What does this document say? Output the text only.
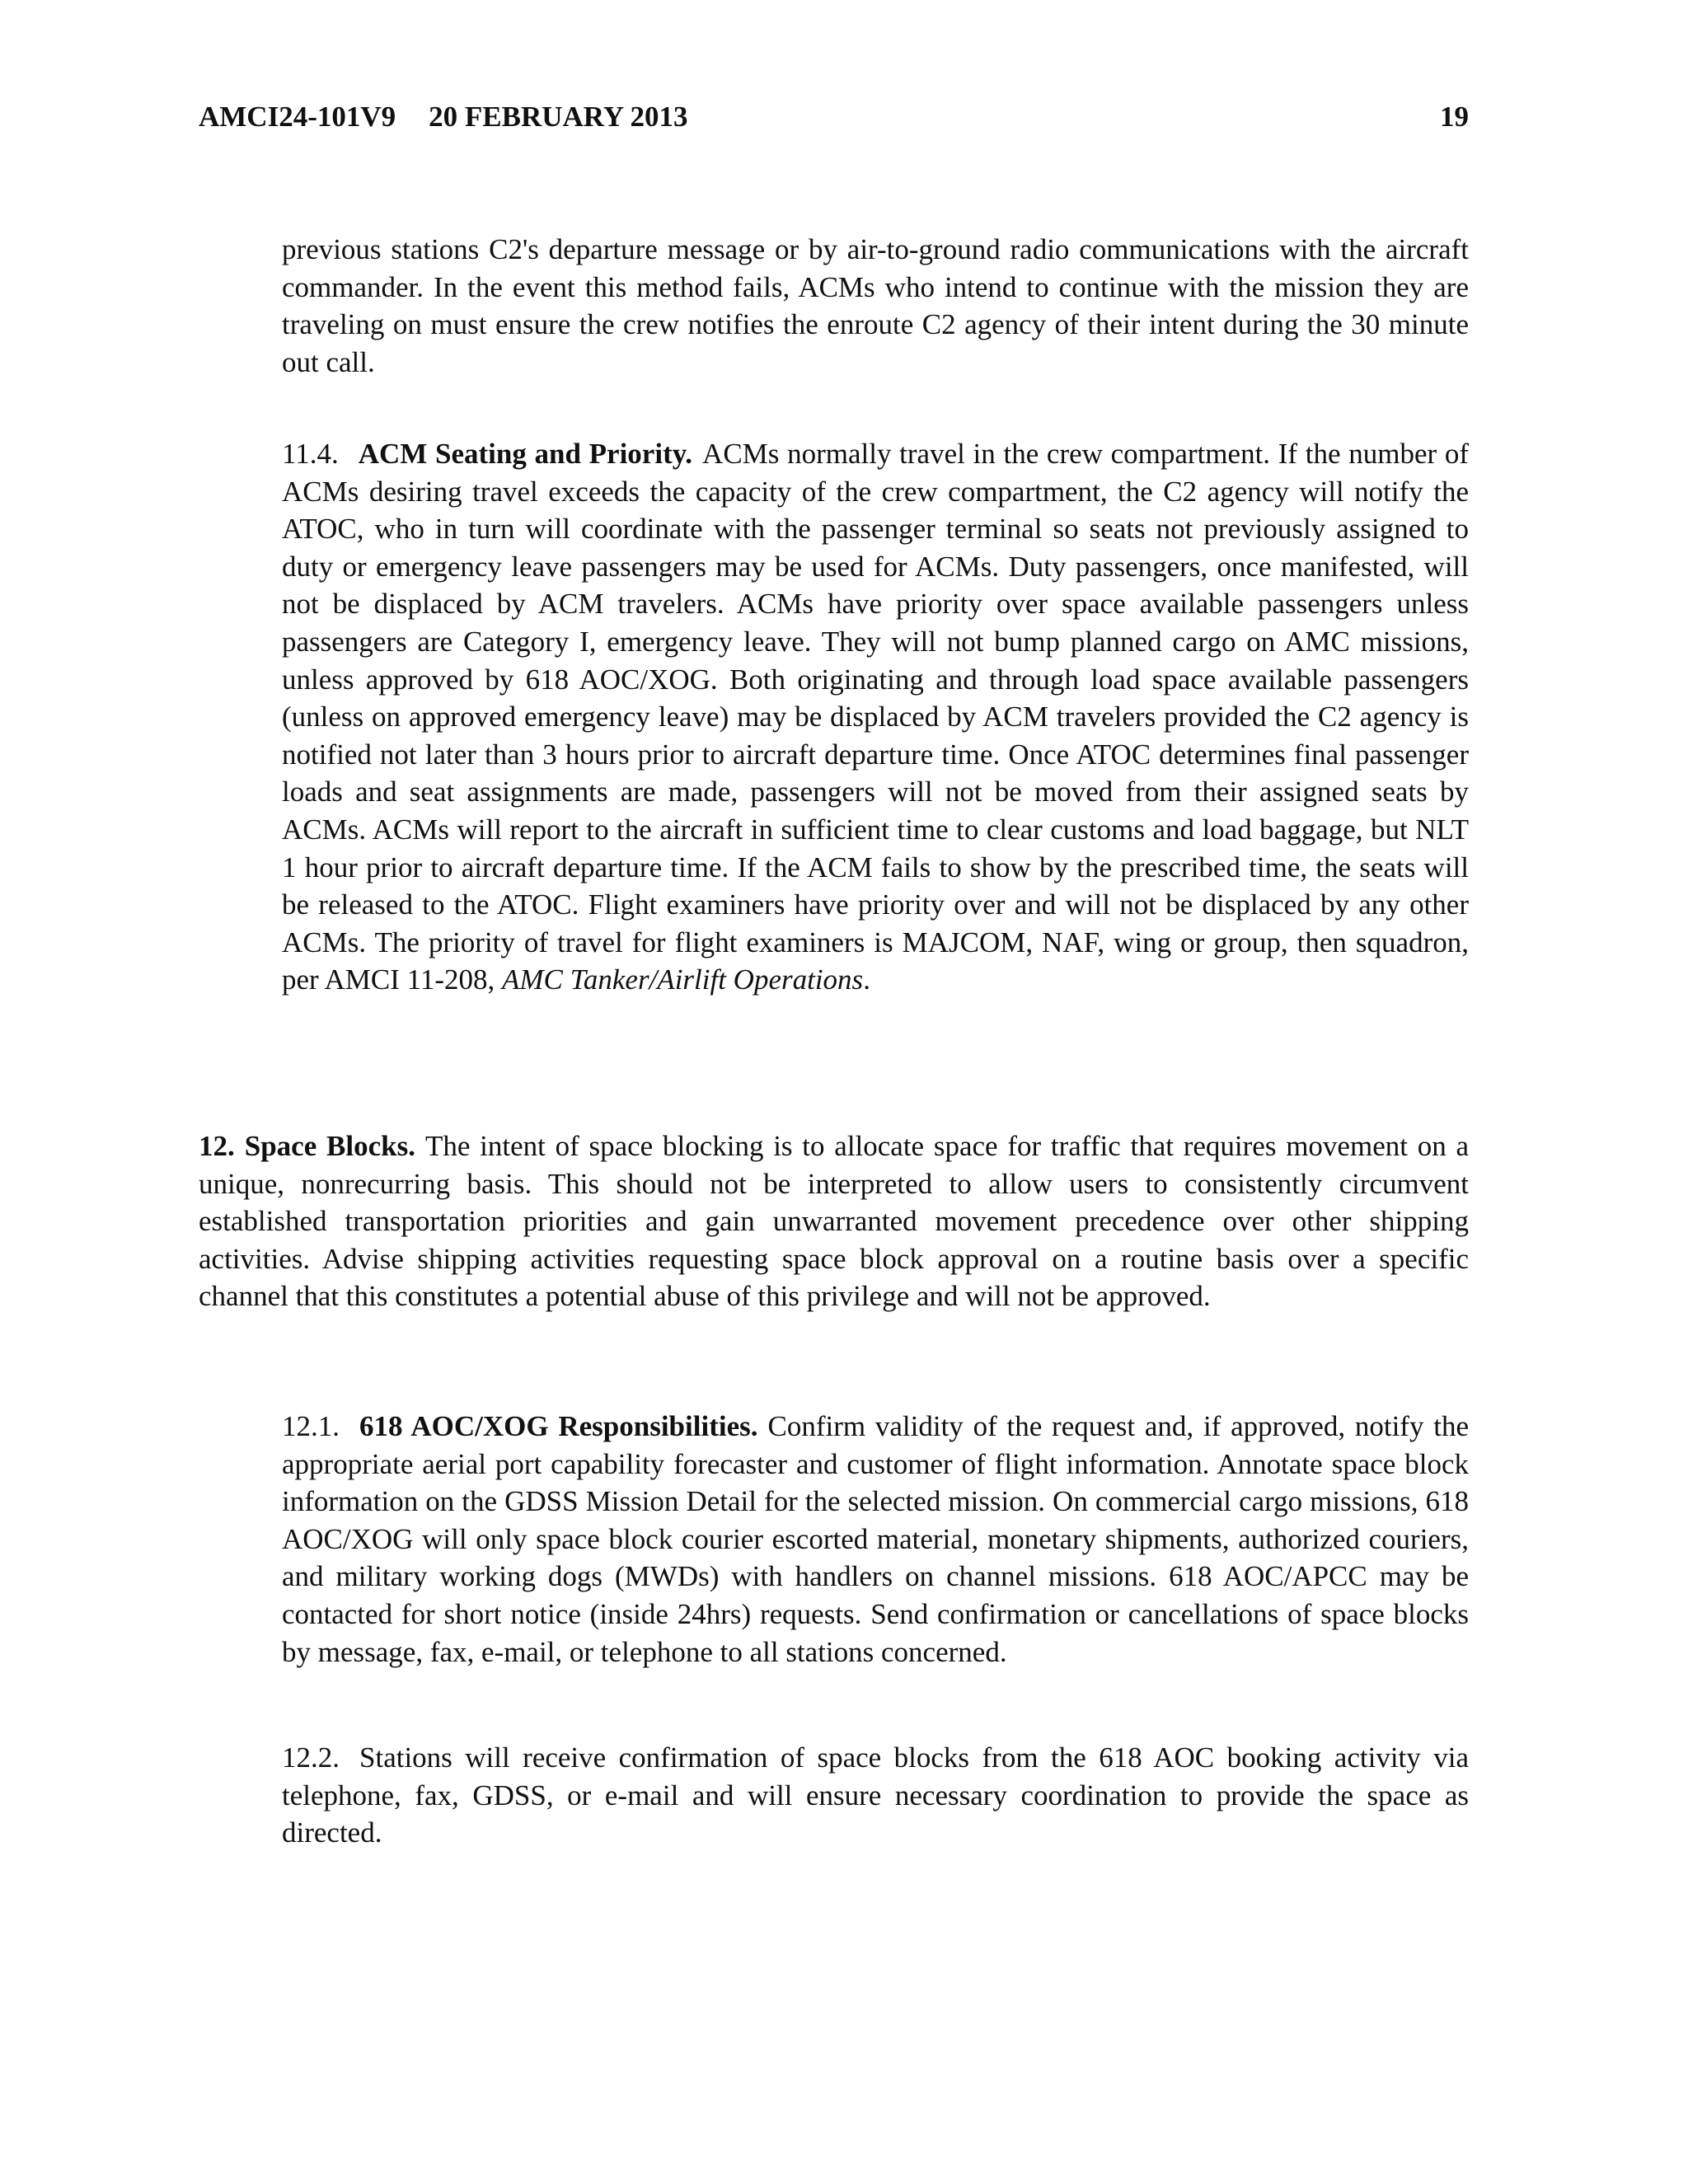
AMCI24-101V9 20 FEBRUARY 2013	19

previous stations C2's departure message or by air-to-ground radio communications with the aircraft commander. In the event this method fails, ACMs who intend to continue with the mission they are traveling on must ensure the crew notifies the enroute C2 agency of their intent during the 30 minute out call.

11.4. ACM Seating and Priority. ACMs normally travel in the crew compartment. If the number of ACMs desiring travel exceeds the capacity of the crew compartment, the C2 agency will notify the ATOC, who in turn will coordinate with the passenger terminal so seats not previously assigned to duty or emergency leave passengers may be used for ACMs. Duty passengers, once manifested, will not be displaced by ACM travelers. ACMs have priority over space available passengers unless passengers are Category I, emergency leave. They will not bump planned cargo on AMC missions, unless approved by 618 AOC/XOG. Both originating and through load space available passengers (unless on approved emergency leave) may be displaced by ACM travelers provided the C2 agency is notified not later than 3 hours prior to aircraft departure time. Once ATOC determines final passenger loads and seat assignments are made, passengers will not be moved from their assigned seats by ACMs. ACMs will report to the aircraft in sufficient time to clear customs and load baggage, but NLT 1 hour prior to aircraft departure time. If the ACM fails to show by the prescribed time, the seats will be released to the ATOC. Flight examiners have priority over and will not be displaced by any other ACMs. The priority of travel for flight examiners is MAJCOM, NAF, wing or group, then squadron, per AMCI 11-208, AMC Tanker/Airlift Operations.

12. Space Blocks. The intent of space blocking is to allocate space for traffic that requires movement on a unique, nonrecurring basis. This should not be interpreted to allow users to consistently circumvent established transportation priorities and gain unwarranted movement precedence over other shipping activities. Advise shipping activities requesting space block approval on a routine basis over a specific channel that this constitutes a potential abuse of this privilege and will not be approved.

12.1. 618 AOC/XOG Responsibilities. Confirm validity of the request and, if approved, notify the appropriate aerial port capability forecaster and customer of flight information. Annotate space block information on the GDSS Mission Detail for the selected mission. On commercial cargo missions, 618 AOC/XOG will only space block courier escorted material, monetary shipments, authorized couriers, and military working dogs (MWDs) with handlers on channel missions. 618 AOC/APCC may be contacted for short notice (inside 24hrs) requests. Send confirmation or cancellations of space blocks by message, fax, e-mail, or telephone to all stations concerned.

12.2. Stations will receive confirmation of space blocks from the 618 AOC booking activity via telephone, fax, GDSS, or e-mail and will ensure necessary coordination to provide the space as directed.
